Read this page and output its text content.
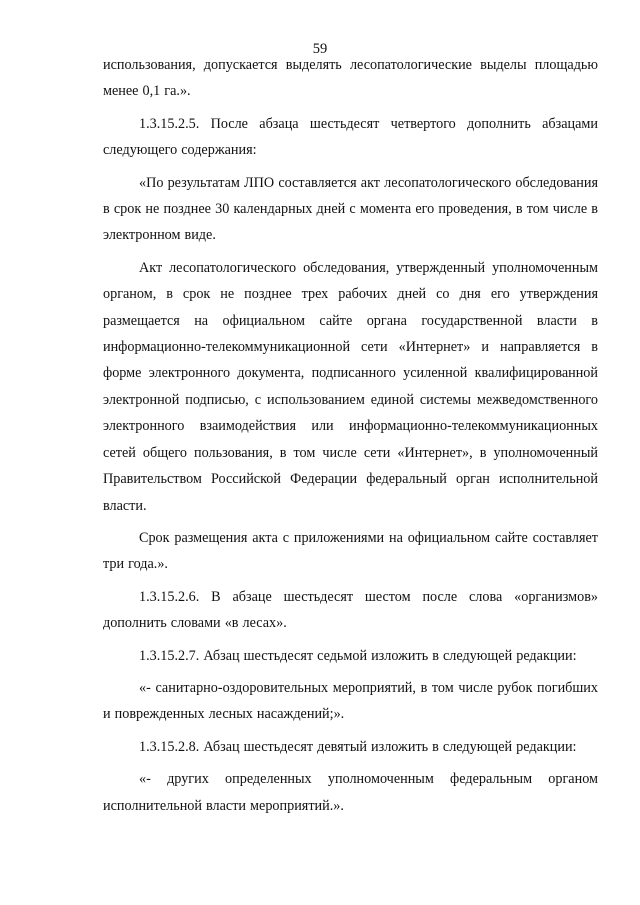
59

использования, допускается выделять лесопатологические выделы площадью менее 0,1 га.».

1.3.15.2.5. После абзаца шестьдесят четвертого дополнить абзацами следующего содержания:

«По результатам ЛПО составляется акт лесопатологического обследования в срок не позднее 30 календарных дней с момента его проведения, в том числе в электронном виде.

Акт лесопатологического обследования, утвержденный уполномоченным органом, в срок не позднее трех рабочих дней со дня его утверждения размещается на официальном сайте органа государственной власти в информационно-телекоммуникационной сети «Интернет» и направляется в форме электронного документа, подписанного усиленной квалифицированной электронной подписью, с использованием единой системы межведомственного электронного взаимодействия или информационно-телекоммуникационных сетей общего пользования, в том числе сети «Интернет», в уполномоченный Правительством Российской Федерации федеральный орган исполнительной власти.

Срок размещения акта с приложениями на официальном сайте составляет три года.».

1.3.15.2.6. В абзаце шестьдесят шестом после слова «организмов» дополнить словами «в лесах».

1.3.15.2.7. Абзац шестьдесят седьмой изложить в следующей редакции:

«- санитарно-оздоровительных мероприятий, в том числе рубок погибших и поврежденных лесных насаждений;».

1.3.15.2.8. Абзац шестьдесят девятый изложить в следующей редакции:

«- других определенных уполномоченным федеральным органом исполнительной власти мероприятий.».
